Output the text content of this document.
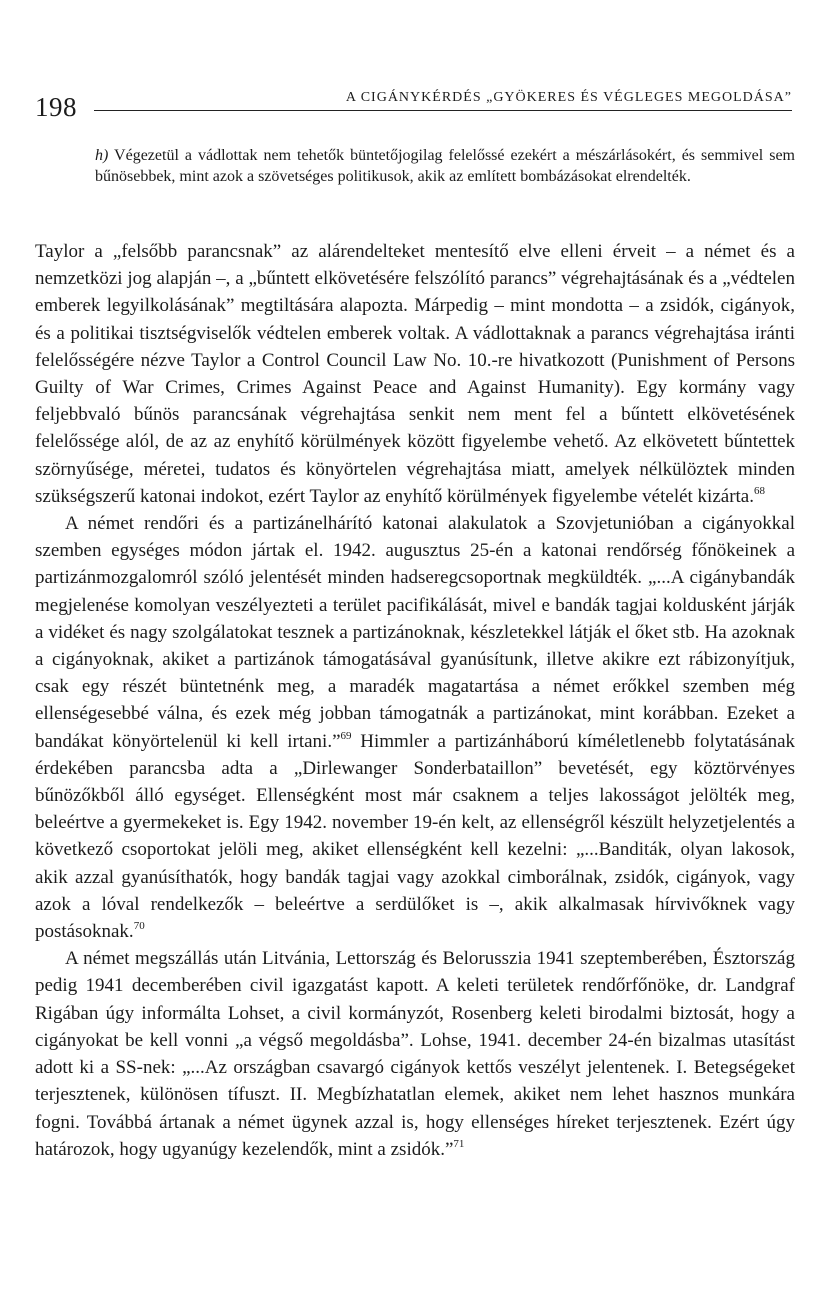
198	A CIGÁNYKÉRDÉS „GYÖKERES ÉS VÉGLEGES MEGOLDÁSA”
h) Végezetül a vádlottak nem tehetők büntetőjogilag felelőssé ezekért a mészárlásokért, és semmivel sem bűnösebbek, mint azok a szövetséges politikusok, akik az említett bombázásokat elrendelték.

Taylor a „felsőbb parancsnak” az alárendelteket mentesítő elve elleni érveit – a német és a nemzetközi jog alapján –, a „bűntett elkövetésére felszólító parancs” végrehajtásának és a „védtelen emberek legyilkolásának” megtiltására alapozta. Márpedig – mint mondotta – a zsidók, cigányok, és a politikai tisztségviselők védtelen emberek voltak. A vádlottaknak a parancs végrehajtása iránti felelősségére nézve Taylor a Control Council Law No. 10.-re hivatkozott (Punishment of Persons Guilty of War Crimes, Crimes Against Peace and Against Humanity). Egy kormány vagy feljebbvaló bűnös parancsának végrehajtása senkit nem ment fel a bűntett elkövetésének felelőssége alól, de az az enyhítő körülmények között figyelembe vehető. Az elkövetett bűntettek szörnyűsége, méretei, tudatos és könyörtelen végrehajtása miatt, amelyek nélkülöztek minden szükségszerű katonai indokot, ezért Taylor az enyhítő körülmények figyelembe vételét kizárta.$^{68}$

A német rendőri és a partizánelhárító katonai alakulatok a Szovjetunióban a cigányokkal szemben egységes módon jártak el. 1942. augusztus 25-én a katonai rendőrség főnökeinek a partizánmozgalomról szóló jelentését minden hadseregcsoportnak megküldték. „...A cigánybandák megjelenése komolyan veszélyezteti a terület pacifikálását, mivel e bandák tagjai koldusként járják a vidéket és nagy szolgálatokat tesznek a partizánoknak, készletekkel látják el őket stb. Ha azoknak a cigányoknak, akiket a partizánok támogatásával gyanúsítunk, illetve akikre ezt rábizonyítjuk, csak egy részét büntetnénk meg, a maradék magatartása a német erőkkel szemben még ellenségesebbé válna, és ezek még jobban támogatnák a partizánokat, mint korábban. Ezeket a bandákat könyörtelenül ki kell irtani.”$^{69}$ Himmler a partizánháború kíméletlenebb folytatásának érdekében parancsba adta a „Dirlewanger Sonderbataillon” bevetését, egy köztörvényes bűnözőkből álló egységet. Ellenségként most már csaknem a teljes lakosságot jelölték meg, beleértve a gyermekeket is. Egy 1942. november 19-én kelt, az ellenségről készült helyzetjelentés a következő csoportokat jelöli meg, akiket ellenségként kell kezelni: „...Banditák, olyan lakosok, akik azzal gyanúsíthatók, hogy bandák tagjai vagy azokkal cimborálnak, zsidók, cigányok, vagy azok a lóval rendelkezők – beleértve a serdülőket is –, akik alkalmasak hírvivőknek vagy postásoknak.$^{70}$

A német megszállás után Litvánia, Lettország és Belorusszia 1941 szeptemberében, Észtország pedig 1941 decemberében civil igazgatást kapott. A keleti területek rendőrfőnöke, dr. Landgraf Rigában úgy informálta Lohset, a civil kormányzót, Rosenberg keleti birodalmi biztosát, hogy a cigányokat be kell vonni „a végső megoldásba”. Lohse, 1941. december 24-én bizalmas utasítást adott ki a SS-nek: „...Az országban csavargó cigányok kettős veszélyt jelentenek. I. Betegségeket terjesztenek, különösen tífuszt. II. Megbízhatatlan elemek, akiket nem lehet hasznos munkára fogni. Továbbá ártanak a német ügynek azzal is, hogy ellenséges híreket terjesztenek. Ezért úgy határozok, hogy ugyanúgy kezelendők, mint a zsidók.”$^{71}$
